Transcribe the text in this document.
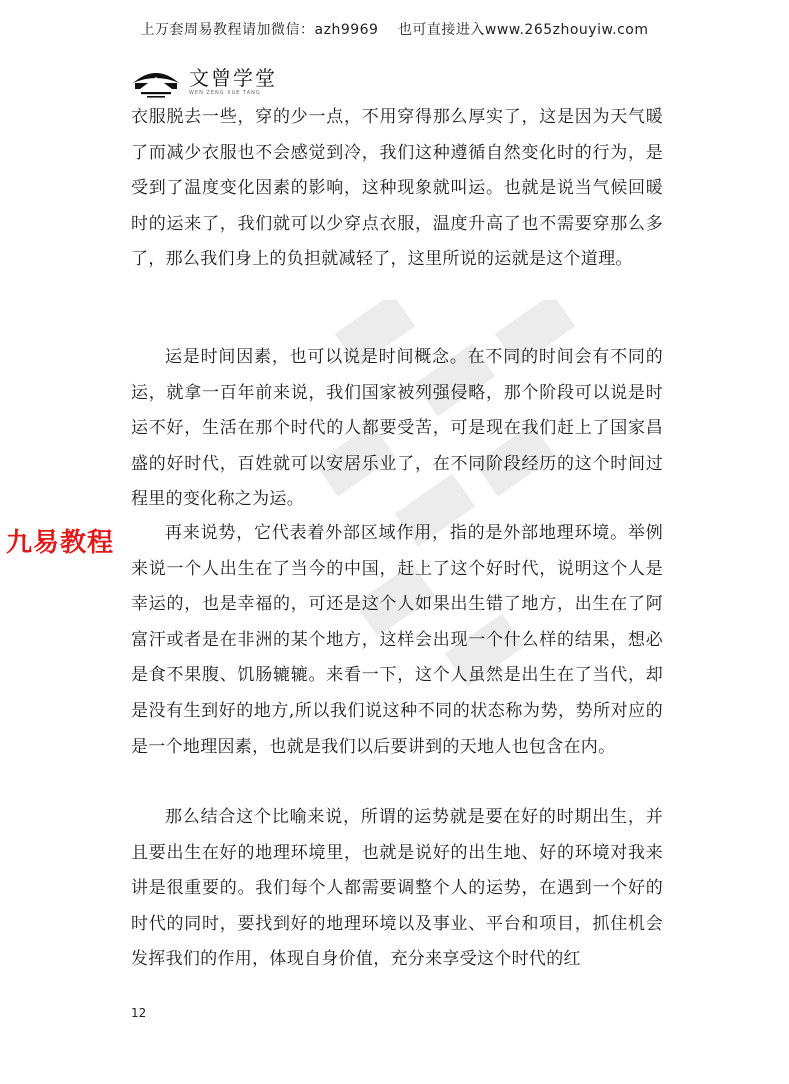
上万套周易教程请加微信：azh9969　 也可直接进入www.265zhouyiw.com
文曾学堂
WEN ZENG XUE TANG

衣服脱去一些，穿的少一点，不用穿得那么厚实了，这是因为天气暖了而减少衣服也不会感觉到冷，我们这种遵循自然变化时的行为，是受到了温度变化因素的影响，这种现象就叫运。也就是说当气候回暖时的运来了，我们就可以少穿点衣服，温度升高了也不需要穿那么多了，那么我们身上的负担就减轻了，这里所说的运就是这个道理。

运是时间因素，也可以说是时间概念。在不同的时间会有不同的运，就拿一百年前来说，我们国家被列强侵略，那个阶段可以说是时运不好，生活在那个时代的人都要受苦，可是现在我们赶上了国家昌盛的好时代，百姓就可以安居乐业了，在不同阶段经历的这个时间过程里的变化称之为运。

再来说势，它代表着外部区域作用，指的是外部地理环境。举例来说一个人出生在了当今的中国，赶上了这个好时代，说明这个人是幸运的，也是幸福的，可还是这个人如果出生错了地方，出生在了阿富汗或者是在非洲的某个地方，这样会出现一个什么样的结果，想必是食不果腹、饥肠辘辘。来看一下，这个人虽然是出生在了当代，却是没有生到好的地方,所以我们说这种不同的状态称为势，势所对应的是一个地理因素，也就是我们以后要讲到的天地人也包含在内。

那么结合这个比喻来说，所谓的运势就是要在好的时期出生，并且要出生在好的地理环境里，也就是说好的出生地、好的环境对我来讲是很重要的。我们每个人都需要调整个人的运势，在遇到一个好的时代的同时，要找到好的地理环境以及事业、平台和项目，抓住机会发挥我们的作用，体现自身价值，充分来享受这个时代的红

九易教程
12
